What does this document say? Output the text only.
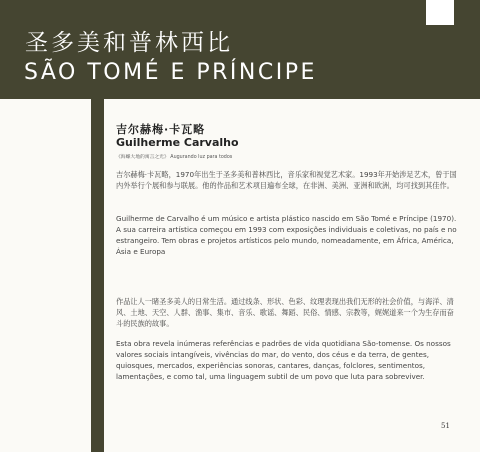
圣多美和普林西比
SÃO TOMÉ E PRÍNCIPE
吉尔赫梅·卡瓦略
Guilherme Carvalho
《海螺大地的寓言之光》 Augurando luz para todos

吉尔赫梅·卡瓦略，1970年出生于圣多美和普林西比，音乐家和视觉艺术家。1993年开始涉足艺术，曾于国内外举行个展和参与联展。他的作品和艺术项目遍布全球，在非洲、美洲、亚洲和欧洲，均可找到其佳作。

Guilherme de Carvalho é um músico e artista plástico nascido em São Tomé e Príncipe (1970). A sua carreira artística começou em 1993 com exposições individuais e coletivas, no país e no estrangeiro. Tem obras e projetos artísticos pelo mundo, nomeadamente, em África, América, Ásia e Europa

作品让人一睹圣多美人的日常生活。通过线条、形状、色彩、纹理表现出我们无形的社会价值，与海洋、清风、土地、天空、人群、渔事、集市、音乐、歌谣、舞蹈、民俗、情感、宗教等，娓娓道来一个为生存而奋斗的民族的故事。

Esta obra revela inúmeras referências e padrões de vida quotidiana São-tomense. Os nossos valores sociais intangíveis, vivências do mar, do vento, dos céus e da terra, de gentes, quiosques, mercados, experiências sonoras, cantares, danças, folclores, sentimentos, lamentações, e como tal, uma linguagem subtil de um povo que luta para sobreviver.

51
